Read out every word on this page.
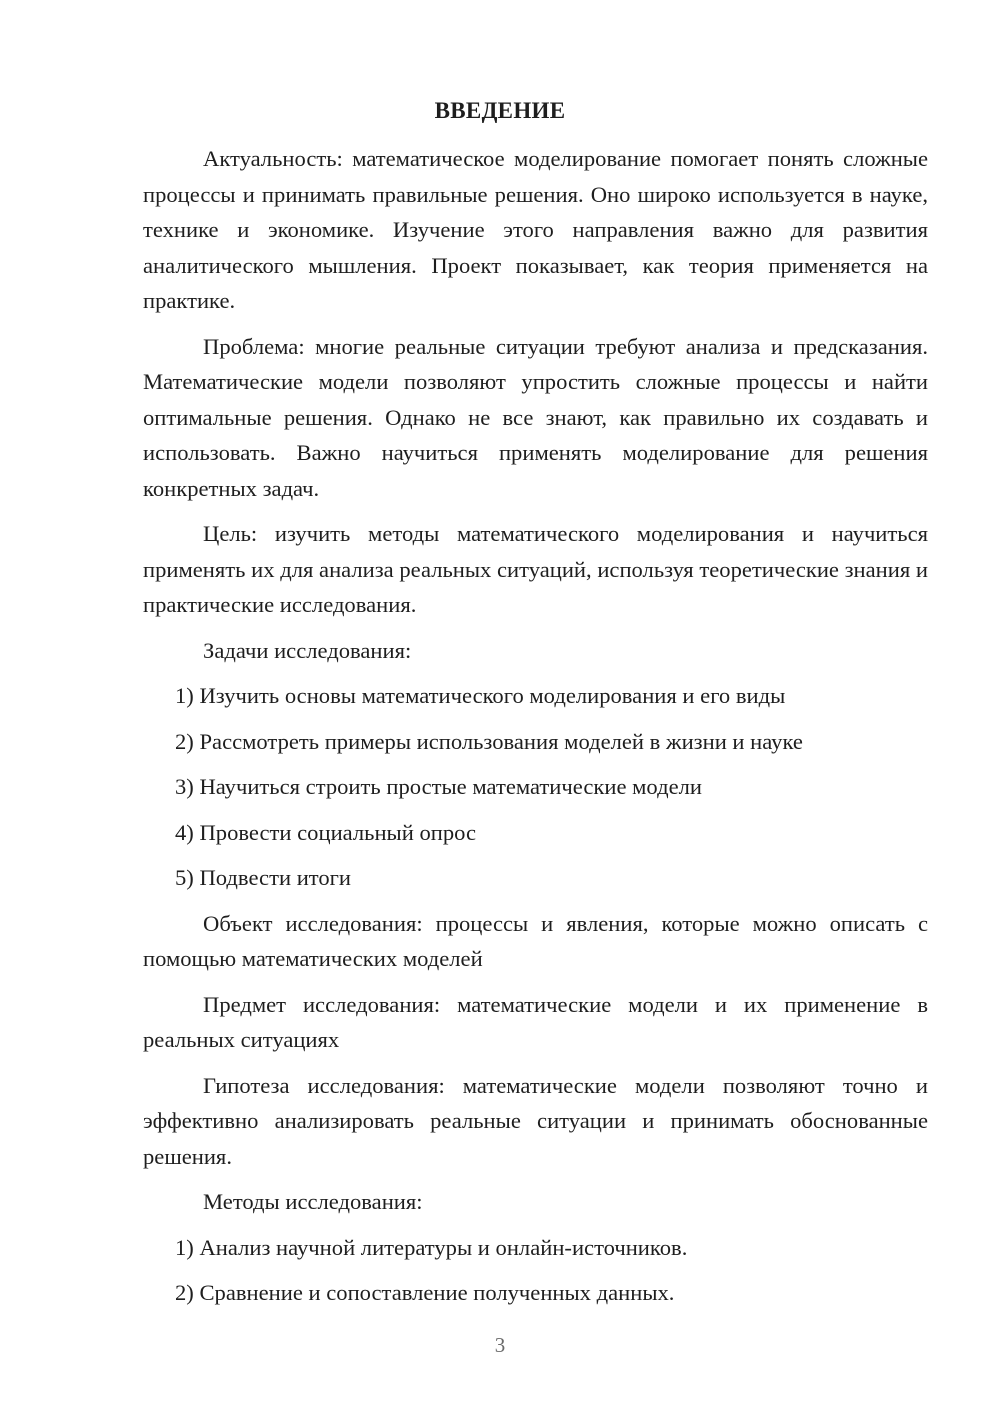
ВВЕДЕНИЕ

Актуальность: математическое моделирование помогает понять сложные процессы и принимать правильные решения. Оно широко используется в науке, технике и экономике. Изучение этого направления важно для развития аналитического мышления. Проект показывает, как теория применяется на практике.

Проблема: многие реальные ситуации требуют анализа и предсказания. Математические модели позволяют упростить сложные процессы и найти оптимальные решения. Однако не все знают, как правильно их создавать и использовать. Важно научиться применять моделирование для решения конкретных задач.

Цель: изучить методы математического моделирования и научиться применять их для анализа реальных ситуаций, используя теоретические знания и практические исследования.

Задачи исследования:

1) Изучить основы математического моделирования и его виды

2) Рассмотреть примеры использования моделей в жизни и науке

3) Научиться строить простые математические модели

4) Провести социальный опрос

5) Подвести итоги

Объект исследования: процессы и явления, которые можно описать с помощью математических моделей

Предмет исследования: математические модели и их применение в реальных ситуациях

Гипотеза исследования: математические модели позволяют точно и эффективно анализировать реальные ситуации и принимать обоснованные решения.

Методы исследования:

1) Анализ научной литературы и онлайн-источников.

2) Сравнение и сопоставление полученных данных.

3
